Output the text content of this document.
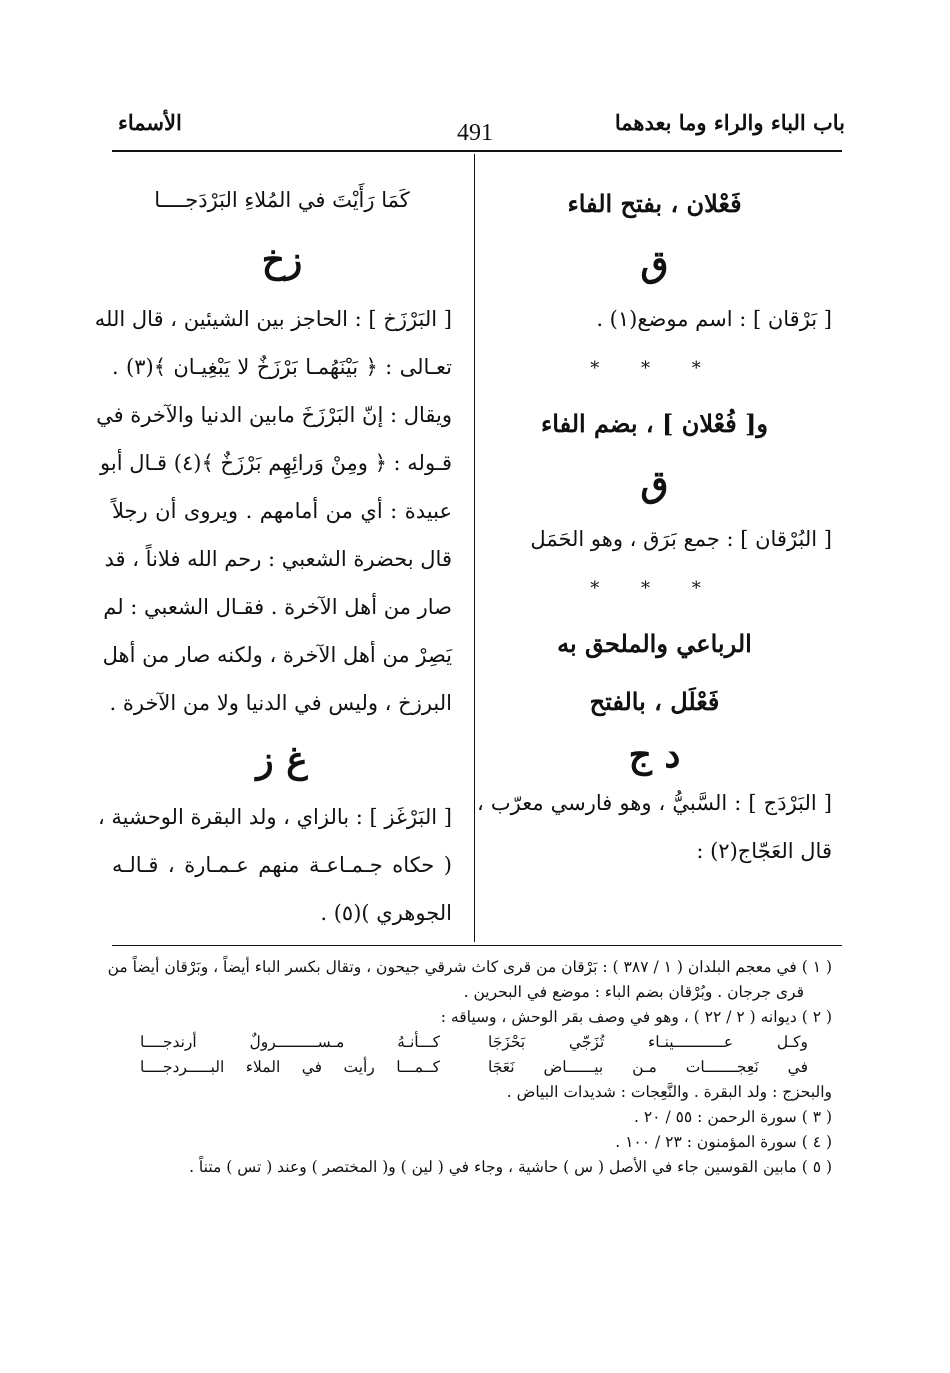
باب الباء والراء وما بعدهما
491
الأسماء
فَعْلان ، بفتح الفاء
ق
[ بَرْقان ] : اسم موضع(١) .
* * *
و[ فُعْلان ] ، بضم الفاء
ق
[ البُرْقان ] : جمع بَرَق ، وهو الحَمَل
* * *
الرباعي والملحق به
فَعْلَل ، بالفتح
د ج
[ البَرْدَج ] : السَّبيُّ ، وهو فارسي معرّب ،
قال العَجّاج(٢) :
كَمَا رَأَيْتَ في المُلاءِ البَرْدَجــــا
زخ
[ البَرْزَخ ] : الحاجز بين الشيئين ، قال الله
تعـالى : ﴿ بَيْنَهُمـا بَرْزَخٌ لا يَبْغِيـان ﴾(٣) .
ويقال : إنّ البَرْزَخَ مابين الدنيا والآخرة في
قـوله : ﴿ ومِنْ وَرائِهِم بَرْزَخٌ ﴾(٤) قـال أبو
عبيدة : أي من أمامهم . ويروى أن رجلاً
قال بحضرة الشعبي : رحم الله فلاناً ، قد
صار من أهل الآخرة . فقـال الشعبي : لم
يَصِرْ من أهل الآخرة ، ولكنه صار من أهل
البرزخ ، وليس في الدنيا ولا من الآخرة .
غ ز
[ البَرْغَز ] : بالزاي ، ولد البقرة الوحشية ،
( حكاه جـمـاعـة منهم عـمـارة ، قـالـه
الجوهري )(٥) .
( ١ ) في معجم البلدان ( ١ / ٣٨٧ ) : بَرْقان من قرى كاث شرقي جيحون ، وتقال بكسر الباء أيضاً ، وبَرْقان أيضاً من
قرى جرجان . وبُرْقان بضم الباء : موضع في البحرين .
( ٢ ) ديوانه ( ٢ / ٢٢ ) ، وهو في وصف بقر الوحش ، وسياقه :
وكـل عـــــــــــينـاء تُزَجّي بَحْزَجَا
كـــأنـهُ مـســـــــــرولٌ أرندجــــا
في نَعِجـــــــات مـن بيــــــاض نَعَجَا
كــمـــا رأيت في الملاء البـــــردجــــا
والبحزج : ولد البقرة . والنَّعِجات : شديدات البياض .
( ٣ ) سورة الرحمن : ٥٥ / ٢٠ .
( ٤ ) سورة المؤمنون : ٢٣ / ١٠٠ .
( ٥ ) مابين القوسين جاء في الأصل ( س ) حاشية ، وجاء في ( لين ) و( المختصر ) وعند ( تس ) متناً .
